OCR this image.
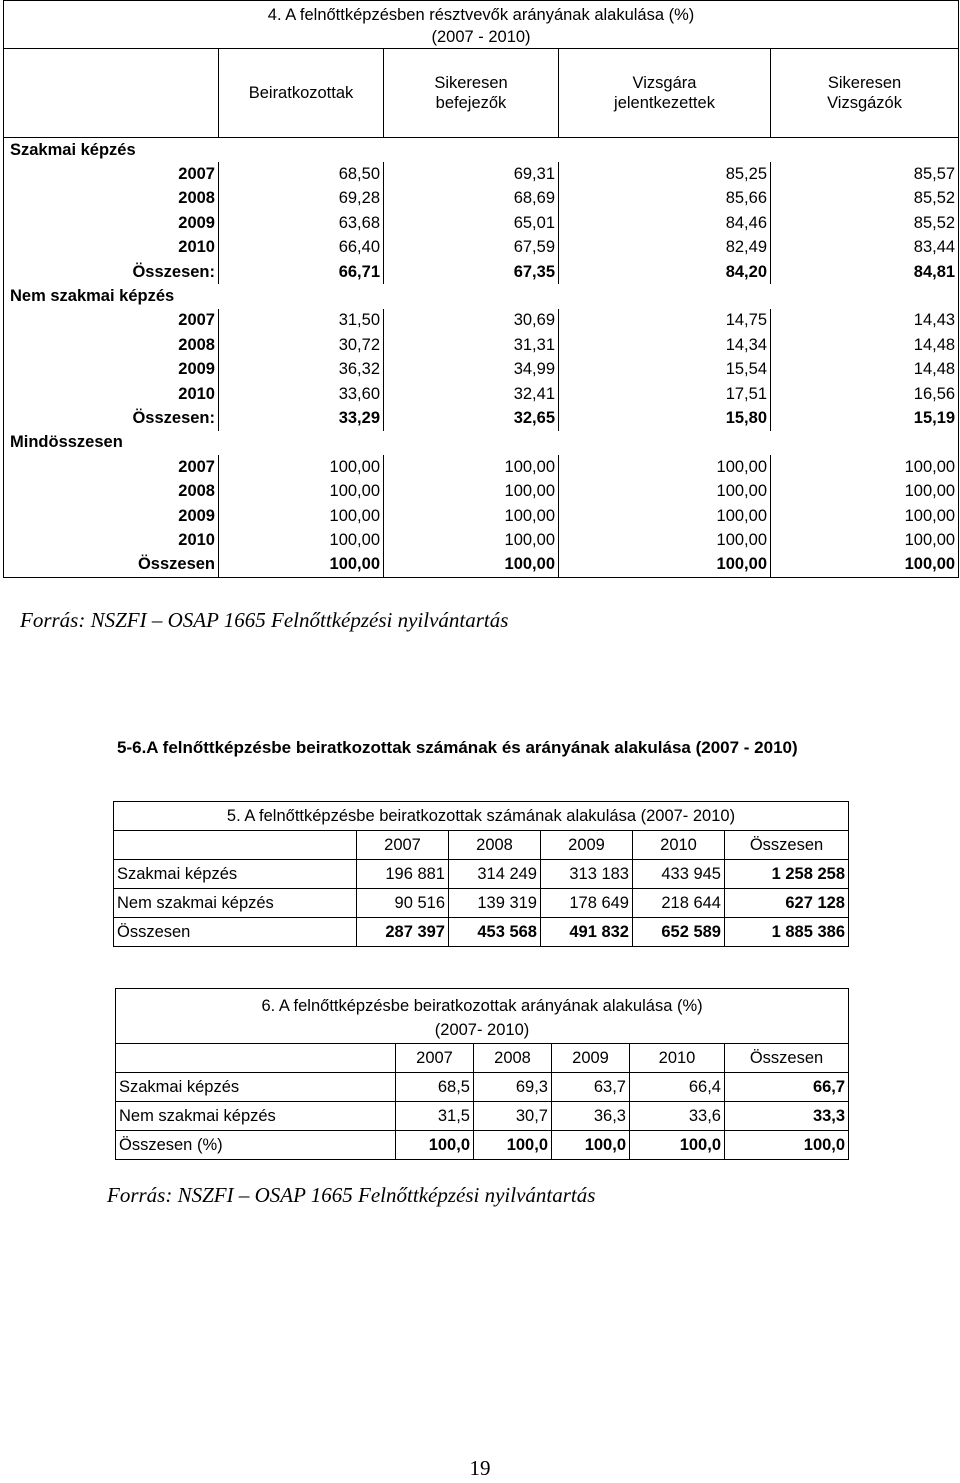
4. A felnőttképzésben résztvevők arányának alakulása (%)
(2007 - 2010)				
	Beiratkozottak	Sikeresen befejezők	Vizsgára jelentkezettek	Sikeresen Vizsgázók
Szakmai képzés				
2007	68,50	69,31	85,25	85,57
2008	69,28	68,69	85,66	85,52
2009	63,68	65,01	84,46	85,52
2010	66,40	67,59	82,49	83,44
Összesen:	66,71	67,35	84,20	84,81
Nem szakmai képzés				
2007	31,50	30,69	14,75	14,43
2008	30,72	31,31	14,34	14,48
2009	36,32	34,99	15,54	14,48
2010	33,60	32,41	17,51	16,56
Összesen:	33,29	32,65	15,80	15,19
Mindösszesen				
2007	100,00	100,00	100,00	100,00
2008	100,00	100,00	100,00	100,00
2009	100,00	100,00	100,00	100,00
2010	100,00	100,00	100,00	100,00
Összesen	100,00	100,00	100,00	100,00
Forrás: NSZFI – OSAP 1665 Felnőttképzési nyilvántartás
5-6.A felnőttképzésbe beiratkozottak számának és arányának alakulása (2007 - 2010)
5. A felnőttképzésbe beiratkozottak számának alakulása (2007- 2010)					
	2007	2008	2009	2010	Összesen
Szakmai képzés	196 881	314 249	313 183	433 945	1 258 258
Nem szakmai képzés	90 516	139 319	178 649	218 644	627 128
Összesen	287 397	453 568	491 832	652 589	1 885 386
6. A felnőttképzésbe beiratkozottak arányának alakulása (%)
(2007- 2010)					
	2007	2008	2009	2010	Összesen
Szakmai képzés	68,5	69,3	63,7	66,4	66,7
Nem szakmai képzés	31,5	30,7	36,3	33,6	33,3
Összesen (%)	100,0	100,0	100,0	100,0	100,0
Forrás: NSZFI – OSAP 1665 Felnőttképzési nyilvántartás
19
